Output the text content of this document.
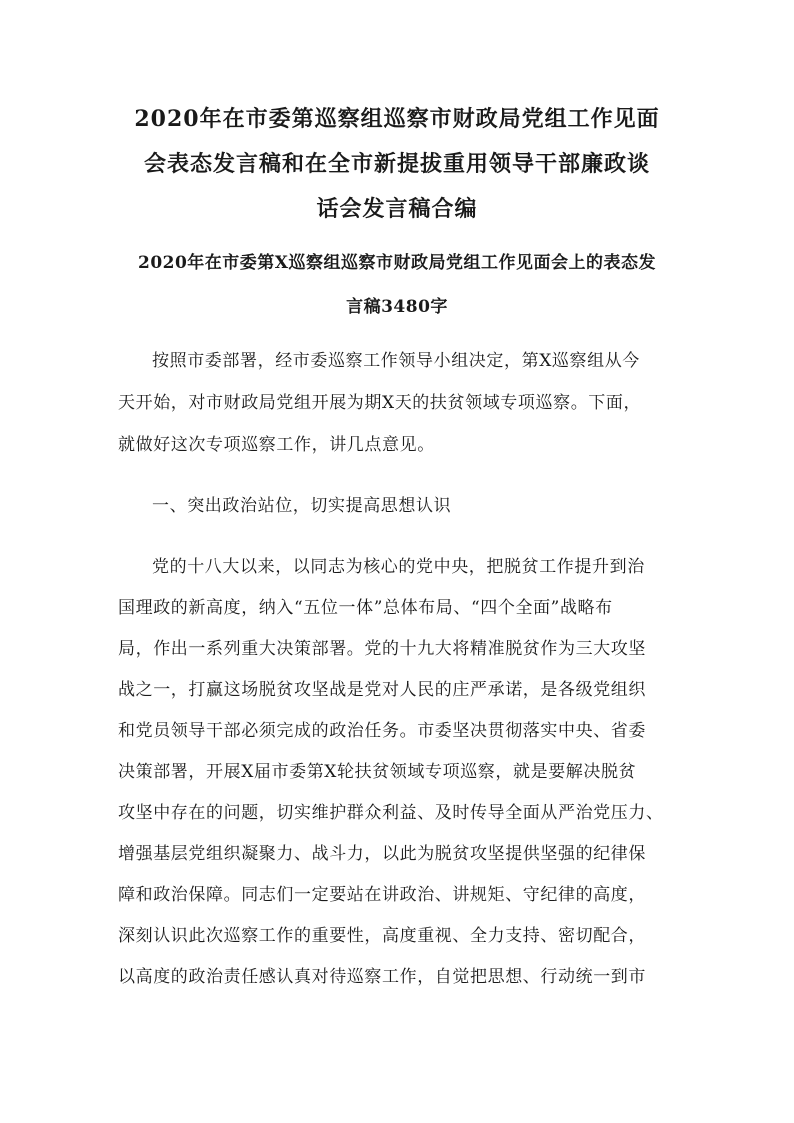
2020年在市委第巡察组巡察市财政局党组工作见面
会表态发言稿和在全市新提拔重用领导干部廉政谈
话会发言稿合编
2020年在市委第X巡察组巡察市财政局党组工作见面会上的表态发
言稿3480字
按照市委部署，经市委巡察工作领导小组决定，第X巡察组从今
天开始，对市财政局党组开展为期X天的扶贫领域专项巡察。下面，
就做好这次专项巡察工作，讲几点意见。
一、突出政治站位，切实提高思想认识
党的十八大以来，以同志为核心的党中央，把脱贫工作提升到治
国理政的新高度，纳入“五位一体”总体布局、“四个全面”战略布
局，作出一系列重大决策部署。党的十九大将精准脱贫作为三大攻坚
战之一，打赢这场脱贫攻坚战是党对人民的庄严承诺，是各级党组织
和党员领导干部必须完成的政治任务。市委坚决贯彻落实中央、省委
决策部署，开展X届市委第X轮扶贫领域专项巡察，就是要解决脱贫
攻坚中存在的问题，切实维护群众利益、及时传导全面从严治党压力、
增强基层党组织凝聚力、战斗力，以此为脱贫攻坚提供坚强的纪律保
障和政治保障。同志们一定要站在讲政治、讲规矩、守纪律的高度，
深刻认识此次巡察工作的重要性，高度重视、全力支持、密切配合，
以高度的政治责任感认真对待巡察工作，自觉把思想、行动统一到市
